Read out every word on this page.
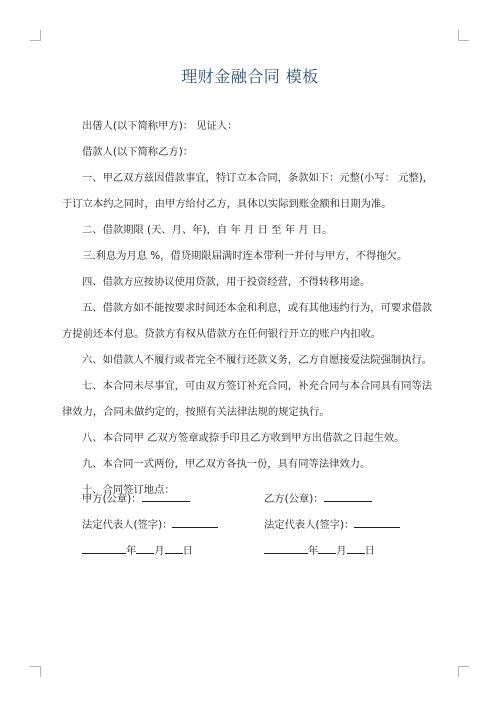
理财金融合同 模板

出僐人(以下简称甲方)： 见证人：

借款人(以下简称乙方)：

一、甲乙双方兹因借款事宜，特订立本合同，条款如下：元整(小写： 元整)，于订立本约之同时，由甲方给付乙方，具体以实际到账金额和日期为准。

二、借款期限 (天、月、年)，自 年 月 日 至 年 月 日。

三.利息为月息 %，借贷期限届满时连本带利一并付与甲方，不得拖欠。

四、借款方应按协议使用贷款，用于投资经营，不得转移用途。

五、借款方如不能按要求时间还本金和利息，或有其他违约行为，可要求借款方提前还本付息。贷款方有权从借款方在任何银行开立的账户内扣收。

六、如借款人不履行或者完全不履行还款义务，乙方自愿接爱法院强制执行。

七、本合同未尽事宜，可由双方签订补充合同，补充合同与本合同具有同等法律效力，合同未做约定的，按照有关法律法规的规定执行。

八、本合同甲 乙双方签章或捺手印且乙方收到甲方出借款之日起生效。

九、本合同一式两份，甲乙双方各执一份，具有同等法律效力。

十、合同签订地点：

甲方(公章)：	乙方(公章)：
法定代表人(签字)：	法定代表人(签字)：
年 月 日	年 月 日
